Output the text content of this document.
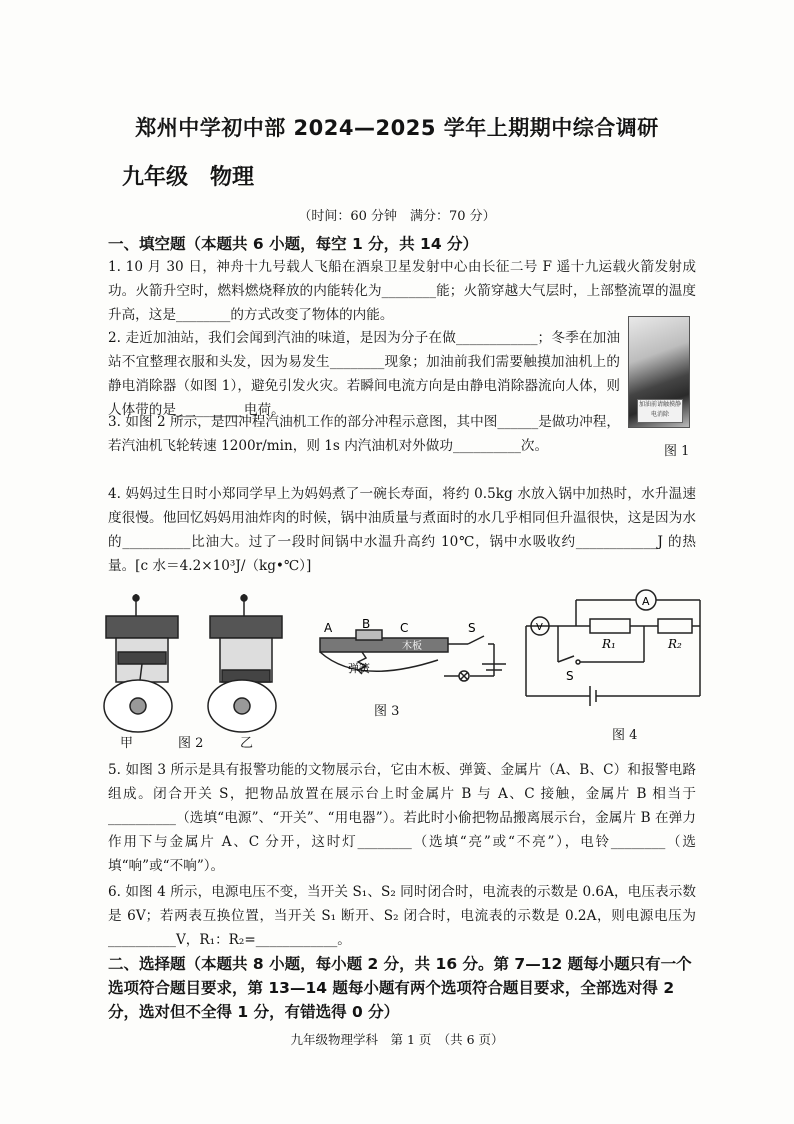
郑州中学初中部 2024—2025 学年上期期中综合调研
九年级　物理
（时间：60 分钟　满分：70 分）
一、填空题（本题共 6 小题，每空 1 分，共 14 分）
1. 10 月 30 日，神舟十九号载人飞船在酒泉卫星发射中心由长征二号 F 遥十九运载火箭发射成功。火箭升空时，燃料燃烧释放的内能转化为________能；火箭穿越大气层时，上部整流罩的温度升高，这是________的方式改变了物体的内能。
2. 走近加油站，我们会闻到汽油的味道，是因为分子在做____________；冬季在加油站不宜整理衣服和头发，因为易发生________现象；加油前我们需要触摸加油机上的静电消除器（如图 1），避免引发火灾。若瞬间电流方向是由静电消除器流向人体，则人体带的是__________电荷。	加油前请触摸静电消除
图 1
3. 如图 2 所示，是四冲程汽油机工作的部分冲程示意图，其中图______是做功冲程，若汽油机飞轮转速 1200r/min，则 1s 内汽油机对外做功__________次。
4. 妈妈过生日时小郑同学早上为妈妈煮了一碗长寿面，将约 0.5kg 水放入锅中加热时，水升温速度很慢。他回忆妈妈用油炸肉的时候，锅中油质量与煮面时的水几乎相同但升温很快，这是因为水的__________比油大。过了一段时间锅中水温升高约 10℃，锅中水吸收约____________J 的热量。[c 水＝4.2×10³J/（kg•℃）]
甲	图 2	乙
A B C	S
木板
弹簧
图 3
A
V
R₁	R₂
S
图 4
5. 如图 3 所示是具有报警功能的文物展示台，它由木板、弹簧、金属片（A、B、C）和报警电路组成。闭合开关 S，把物品放置在展示台上时金属片 B 与 A、C 接触，金属片 B 相当于__________（选填“电源”、“开关”、“用电器”）。若此时小偷把物品搬离展示台，金属片 B 在弹力作用下与金属片 A、C 分开，这时灯________（选填“亮”或“不亮”），电铃________（选填“响”或“不响”）。
6. 如图 4 所示，电源电压不变，当开关 S₁、S₂ 同时闭合时，电流表的示数是 0.6A，电压表示数是 6V；若两表互换位置，当开关 S₁ 断开、S₂ 闭合时，电流表的示数是 0.2A，则电源电压为__________V，R₁：R₂=____________。
二、选择题（本题共 8 小题，每小题 2 分，共 16 分。第 7—12 题每小题只有一个选项符合题目要求，第 13—14 题每小题有两个选项符合题目要求，全部选对得 2 分，选对但不全得 1 分，有错选得 0 分）
九年级物理学科　第 1 页　（共 6 页）
